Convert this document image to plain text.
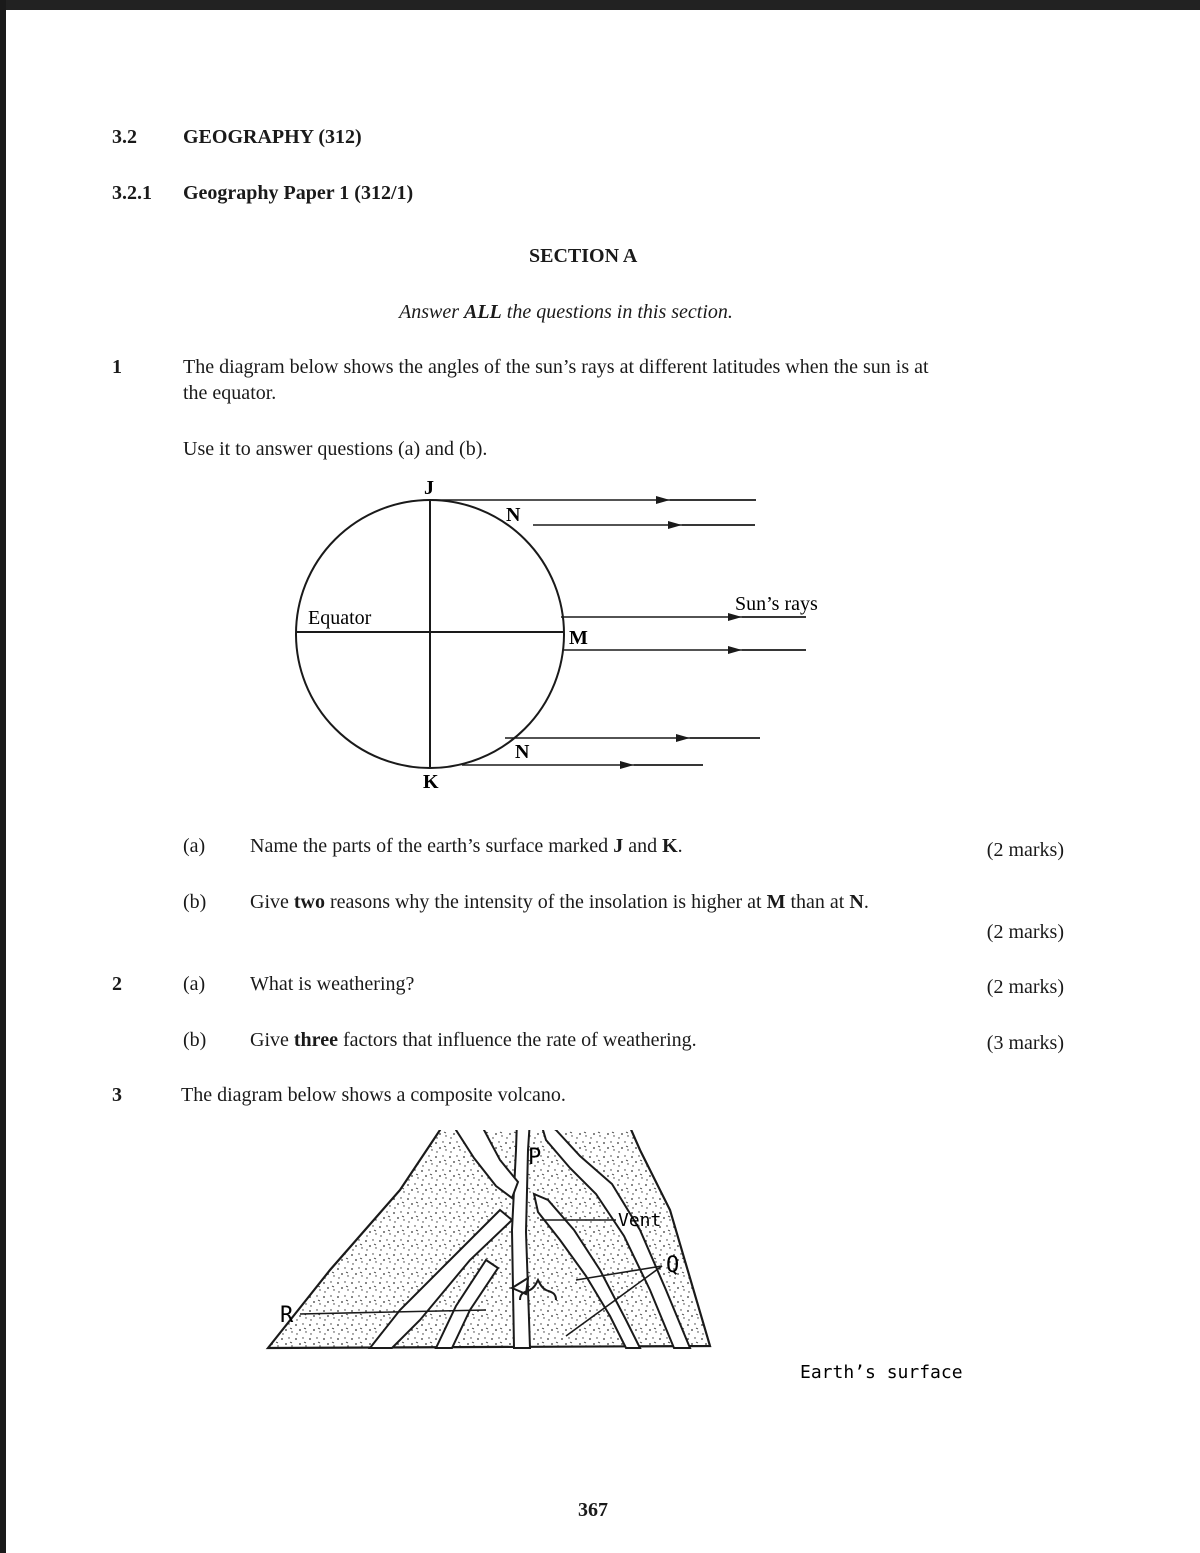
3.2 GEOGRAPHY (312)
3.2.1 Geography Paper 1 (312/1)
SECTION A
Answer ALL the questions in this section.
1	The diagram below shows the angles of the sun’s rays at different latitudes when the sun is at
the equator.
Use it to answer questions (a) and (b).
J
K
N
N
M
Equator
Sun’s rays
(a) Name the parts of the earth’s surface marked J and K.	(2 marks)
(b) Give two reasons why the intensity of the insolation is higher at M than at N.
(2 marks)
2	(a) What is weathering?	(2 marks)
(b) Give three factors that influence the rate of weathering.	(3 marks)
3	The diagram below shows a composite volcano.
P
Vent
Q
R
Earth’s surface
367
